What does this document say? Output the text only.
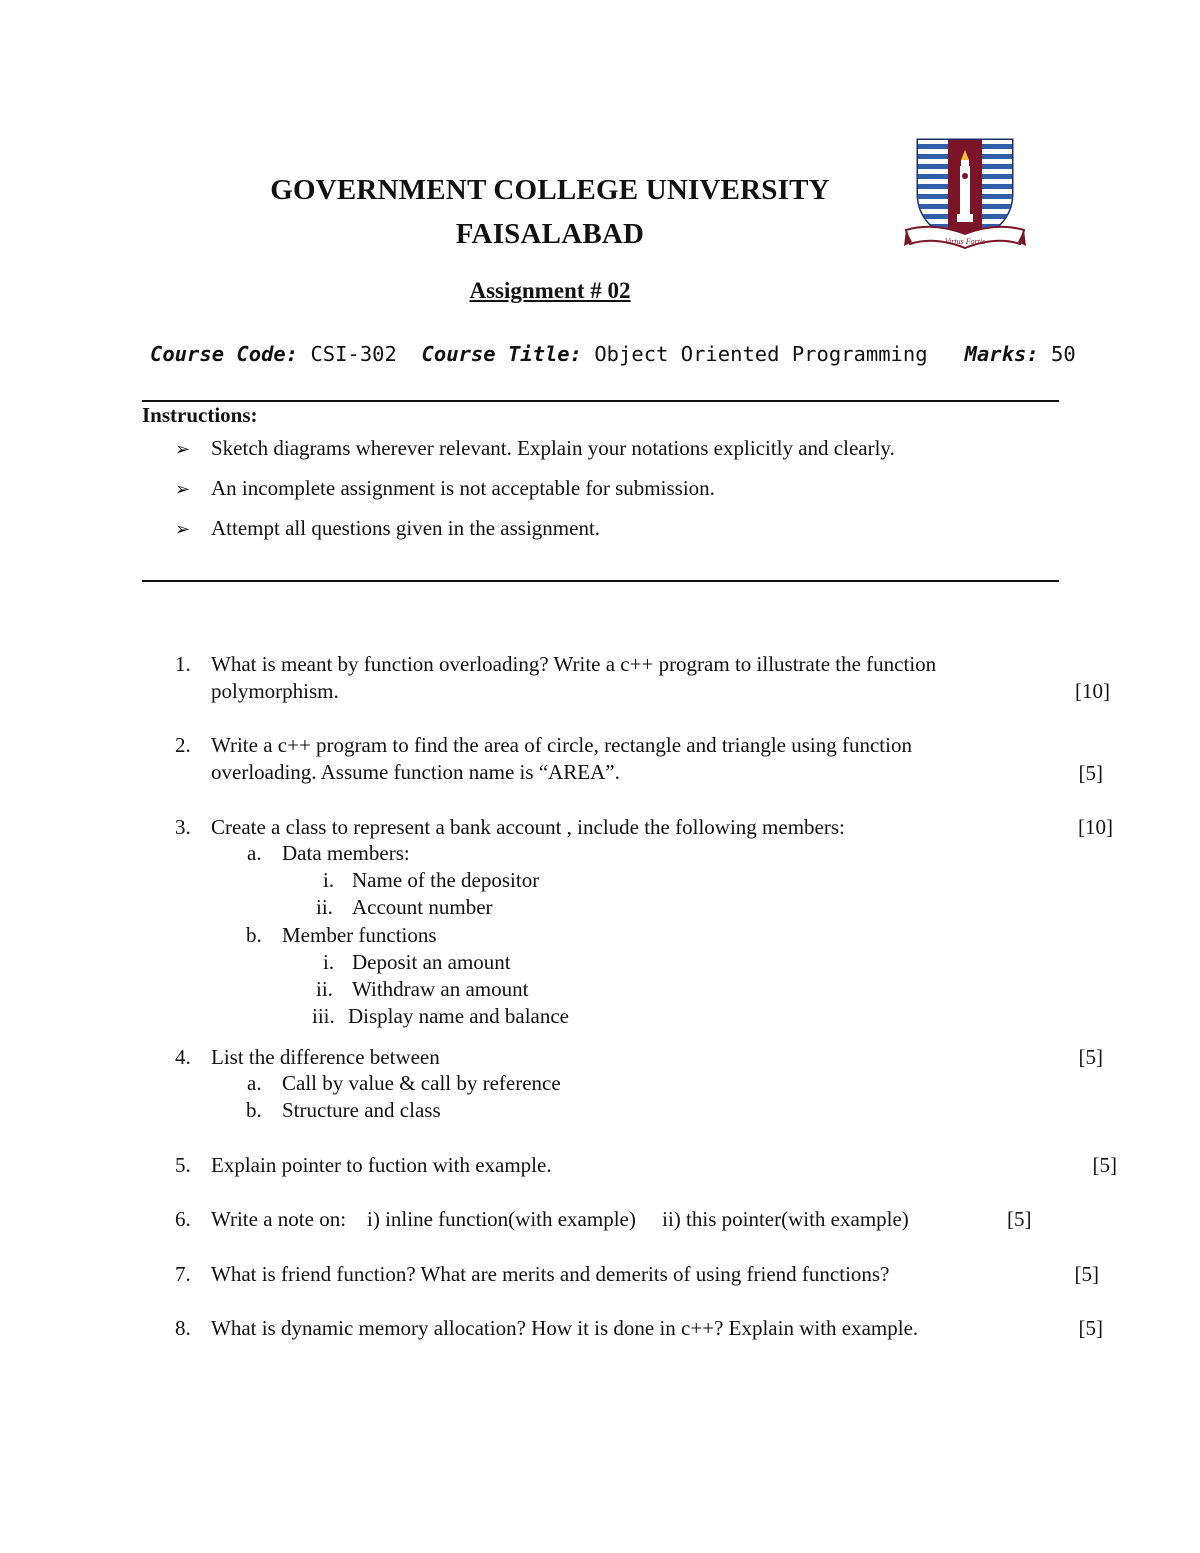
GOVERNMENT COLLEGE UNIVERSITY
FAISALABAD	Virtus Fortis
Assignment # 02
Course Code: CSI-302 Course Title: Object Oriented Programming Marks: 50
Instructions:
➢ Sketch diagrams wherever relevant. Explain your notations explicitly and clearly.
➢ An incomplete assignment is not acceptable for submission.
➢ Attempt all questions given in the assignment.
1. What is meant by function overloading? Write a c++ program to illustrate the function polymorphism.	[10]
2. Write a c++ program to find the area of circle, rectangle and triangle using function overloading. Assume function name is “AREA”.	[5]
3. Create a class to represent a bank account , include the following members:	[10]
a. Data members:
i. Name of the depositor
ii. Account number
b. Member functions
i. Deposit an amount
ii. Withdraw an amount
iii. Display name and balance
4. List the difference between	[5]
a. Call by value & call by reference
b. Structure and class
5. Explain pointer to fuction with example.	[5]
6. Write a note on:    i) inline function(with example)     ii) this pointer(with example)	[5]
7. What is friend function? What are merits and demerits of using friend functions?	[5]
8. What is dynamic memory allocation? How it is done in c++? Explain with example.	[5]
